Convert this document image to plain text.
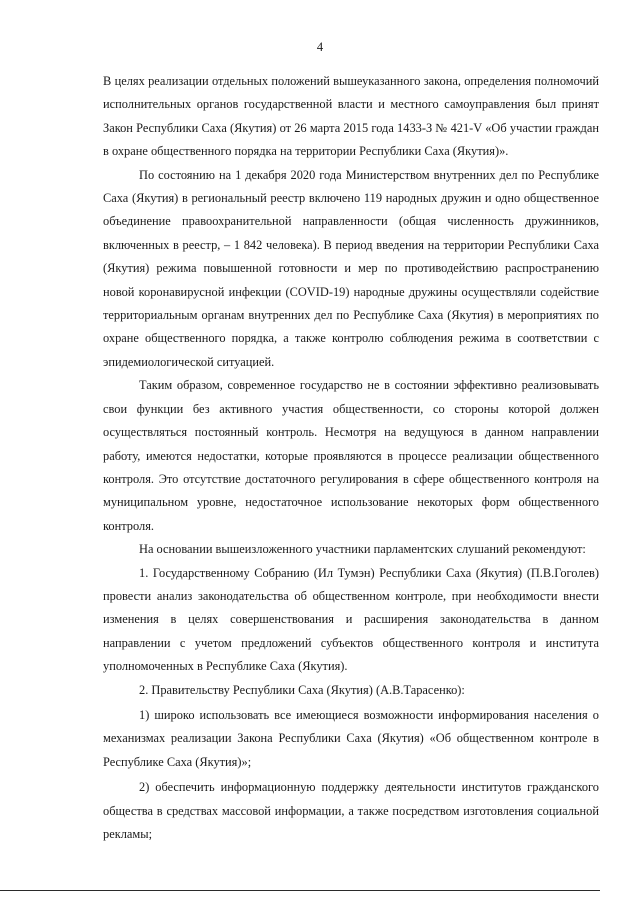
4

В целях реализации отдельных положений вышеуказанного закона, определения полномочий исполнительных органов государственной власти и местного самоуправления был принят Закон Республики Саха (Якутия) от 26 марта 2015 года 1433-З № 421-V «Об участии граждан в охране общественного порядка на территории Республики Саха (Якутия)».

По состоянию на 1 декабря 2020 года Министерством внутренних дел по Республике Саха (Якутия) в региональный реестр включено 119 народных дружин и одно общественное объединение правоохранительной направленности (общая численность дружинников, включенных в реестр, – 1 842 человека). В период введения на территории Республики Саха (Якутия) режима повышенной готовности и мер по противодействию распространению новой коронавирусной инфекции (COVID-19) народные дружины осуществляли содействие территориальным органам внутренних дел по Республике Саха (Якутия) в мероприятиях по охране общественного порядка, а также контролю соблюдения режима в соответствии с эпидемиологической ситуацией.

Таким образом, современное государство не в состоянии эффективно реализовывать свои функции без активного участия общественности, со стороны которой должен осуществляться постоянный контроль. Несмотря на ведущуюся в данном направлении работу, имеются недостатки, которые проявляются в процессе реализации общественного контроля. Это отсутствие достаточного регулирования в сфере общественного контроля на муниципальном уровне, недостаточное использование некоторых форм общественного контроля.

На основании вышеизложенного участники парламентских слушаний рекомендуют:

1. Государственному Собранию (Ил Тумэн) Республики Саха (Якутия) (П.В.Гоголев) провести анализ законодательства об общественном контроле, при необходимости внести изменения в целях совершенствования и расширения законодательства в данном направлении с учетом предложений субъектов общественного контроля и института уполномоченных в Республике Саха (Якутия).

2. Правительству Республики Саха (Якутия) (А.В.Тарасенко):

1) широко использовать все имеющиеся возможности информирования населения о механизмах реализации Закона Республики Саха (Якутия) «Об общественном контроле в Республике Саха (Якутия)»;

2) обеспечить информационную поддержку деятельности институтов гражданского общества в средствах массовой информации, а также посредством изготовления социальной рекламы;
